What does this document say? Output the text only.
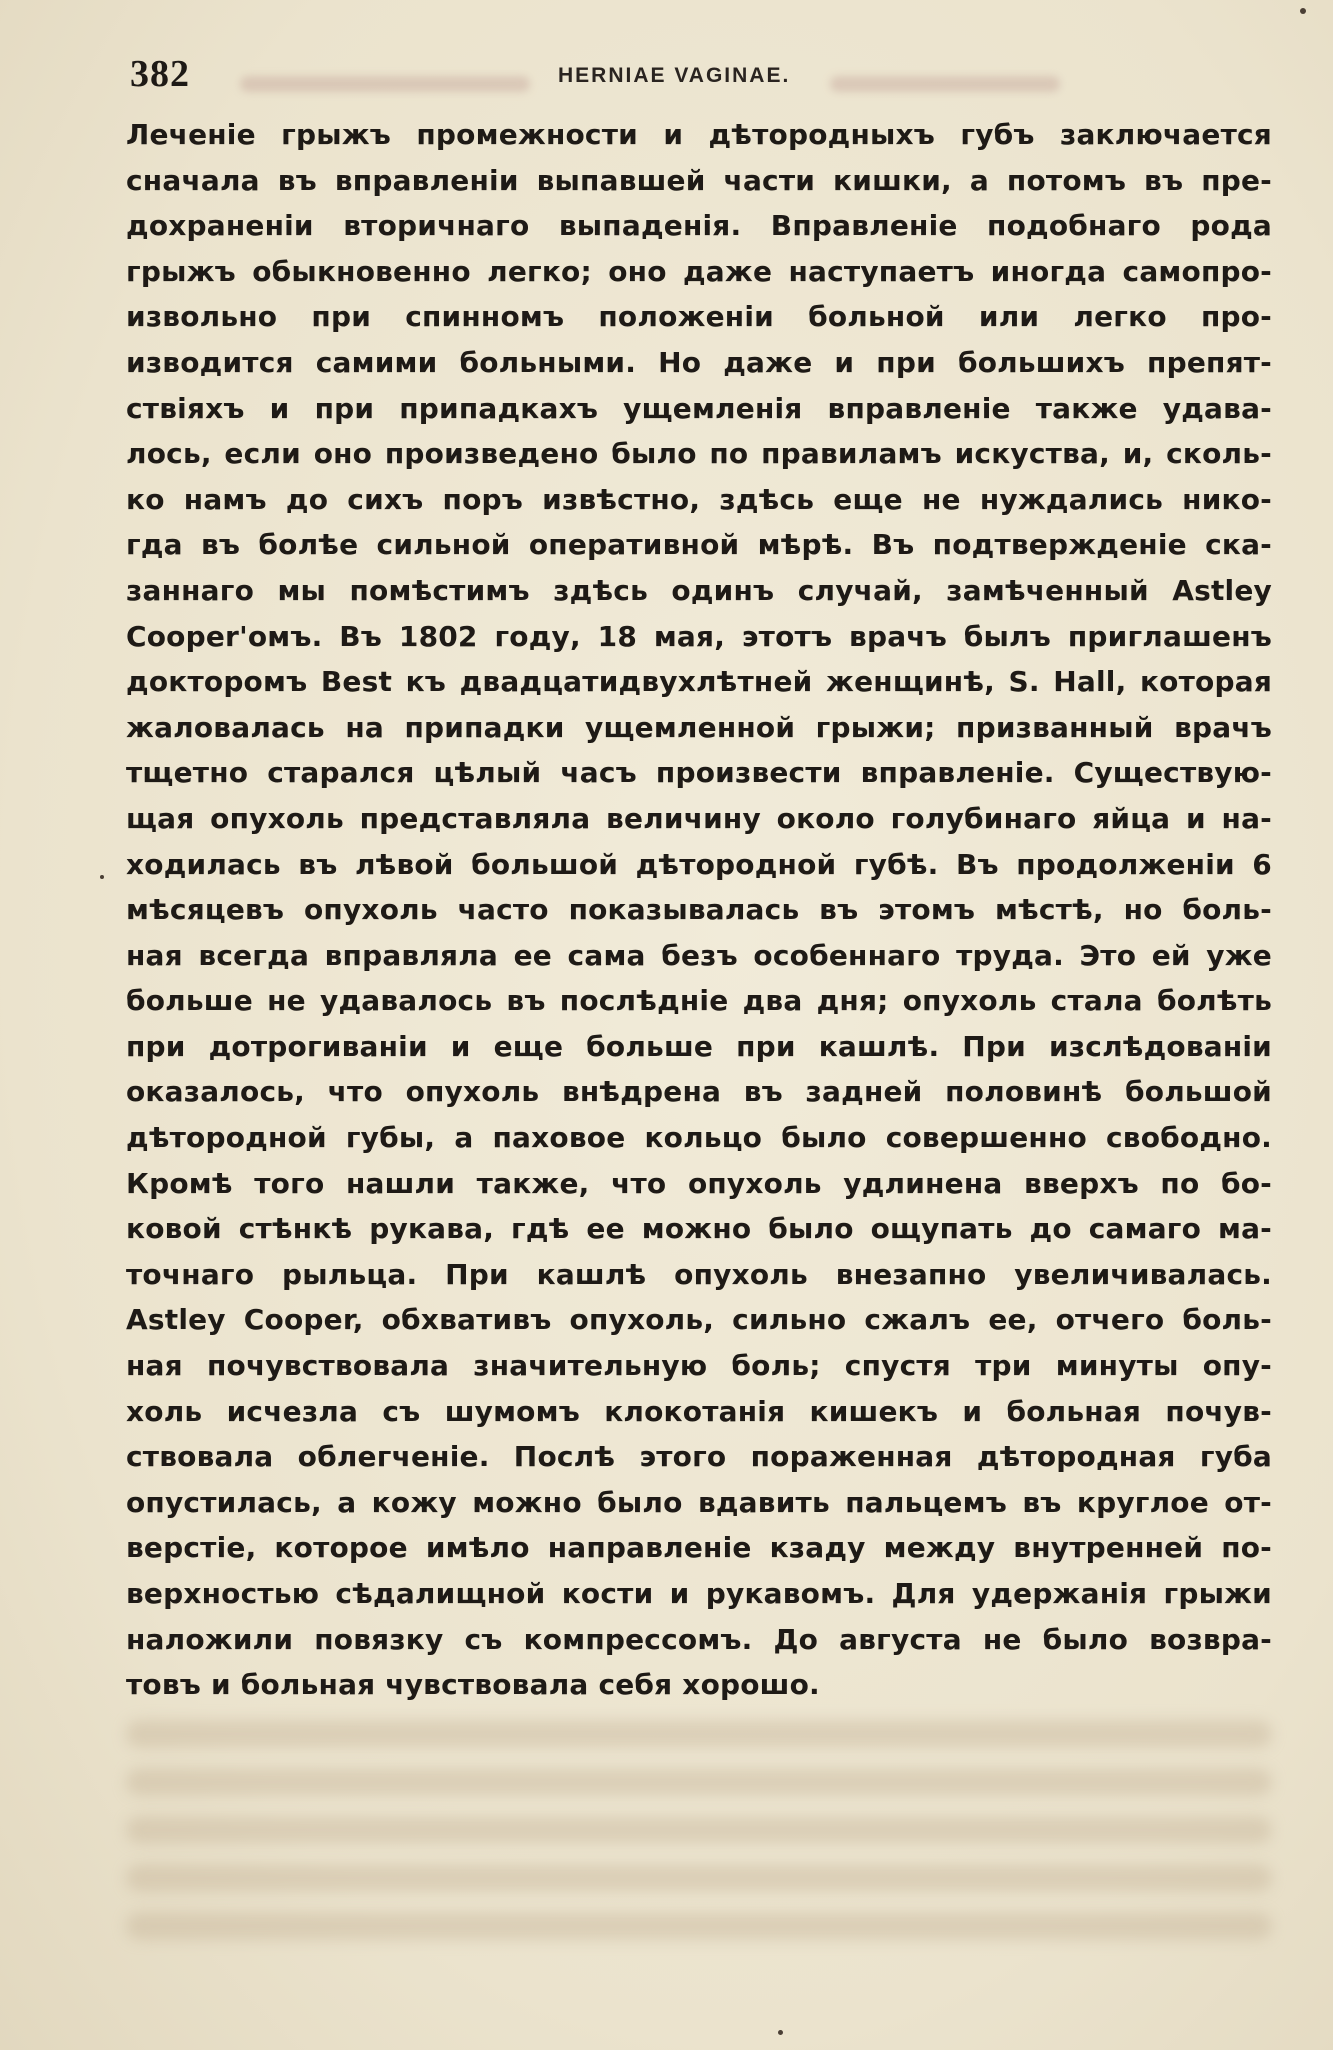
382	HERNIAE VAGINAE.
Леченіе грыжъ промежности и дѣтородныхъ губъ заключается
сначала въ вправленіи выпавшей части кишки, а потомъ въ пре-
дохраненіи вторичнаго выпаденія. Вправленіе подобнаго рода
грыжъ обыкновенно легко; оно даже наступаетъ иногда самопро-
извольно при спинномъ положеніи больной или легко про-
изводится самими больными. Но даже и при большихъ препят-
ствіяхъ и при припадкахъ ущемленія вправленіе также удава-
лось, если оно произведено было по правиламъ искуства, и, сколь-
ко намъ до сихъ поръ извѣстно, здѣсь еще не нуждались нико-
гда въ болѣе сильной оперативной мѣрѣ. Въ подтвержденіе ска-
заннаго мы помѣстимъ здѣсь одинъ случай, замѣченный Astley
Cooper'омъ. Въ 1802 году, 18 мая, этотъ врачъ былъ приглашенъ
докторомъ Best къ двадцатидвухлѣтней женщинѣ, S. Hall, которая
жаловалась на припадки ущемленной грыжи; призванный врачъ
тщетно старался цѣлый часъ произвести вправленіе. Существую-
щая опухоль представляла величину около голубинаго яйца и на-
ходилась въ лѣвой большой дѣтородной губѣ. Въ продолженіи 6
мѣсяцевъ опухоль часто показывалась въ этомъ мѣстѣ, но боль-
ная всегда вправляла ее сама безъ особеннаго труда. Это ей уже
больше не удавалось въ послѣдніе два дня; опухоль стала болѣть
при дотрогиваніи и еще больше при кашлѣ. При изслѣдованіи
оказалось, что опухоль внѣдрена въ задней половинѣ большой
дѣтородной губы, а паховое кольцо было совершенно свободно.
Кромѣ того нашли также, что опухоль удлинена вверхъ по бо-
ковой стѣнкѣ рукава, гдѣ ее можно было ощупать до самаго ма-
точнаго рыльца. При кашлѣ опухоль внезапно увеличивалась.
Astley Cooper, обхвативъ опухоль, сильно сжалъ ее, отчего боль-
ная почувствовала значительную боль; спустя три минуты опу-
холь исчезла съ шумомъ клокотанія кишекъ и больная почув-
ствовала облегченіе. Послѣ этого пораженная дѣтородная губа
опустилась, а кожу можно было вдавить пальцемъ въ круглое от-
верстіе, которое имѣло направленіе кзаду между внутренней по-
верхностью сѣдалищной кости и рукавомъ. Для удержанія грыжи
наложили повязку съ компрессомъ. До августа не было возвра-
товъ и больная чувствовала себя хорошо.
